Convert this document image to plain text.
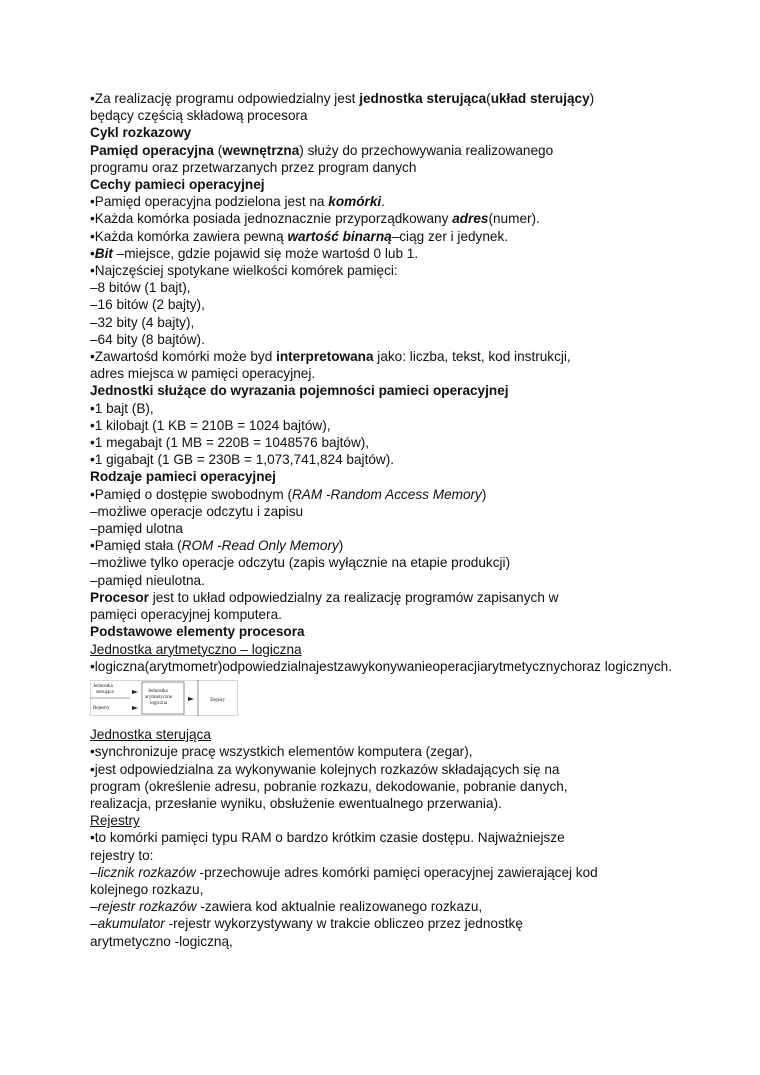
•Za realizację programu odpowiedzialny jest jednostka sterująca(układ sterujący)
będący częścią składową procesora
Cykl rozkazowy
Pamięd operacyjna (wewnętrzna) służy do przechowywania realizowanego
programu oraz przetwarzanych przez program danych
Cechy pamieci operacyjnej
•Pamięd operacyjna podzielona jest na komórki.
•Każda komórka posiada jednoznacznie przyporządkowany adres(numer).
•Każda komórka zawiera pewną wartość binarną–ciąg zer i jedynek.
•Bit –miejsce, gdzie pojawid się może wartośd 0 lub 1.
•Najczęściej spotykane wielkości komórek pamięci:
–8 bitów (1 bajt),
–16 bitów (2 bajty),
–32 bity (4 bajty),
–64 bity (8 bajtów).
•Zawartośd komórki może byd interpretowana jako: liczba, tekst, kod instrukcji,
adres miejsca w pamięci operacyjnej.
Jednostki służące do wyrazania pojemności pamieci operacyjnej
•1 bajt (B),
•1 kilobajt (1 KB = 210B = 1024 bajtów),
•1 megabajt (1 MB = 220B = 1048576 bajtów),
•1 gigabajt (1 GB = 230B = 1,073,741,824 bajtów).
Rodzaje pamieci operacyjnej
•Pamięd o dostępie swobodnym (RAM -Random Access Memory)
–możliwe operacje odczytu i zapisu
–pamięd ulotna
•Pamięd stała (ROM -Read Only Memory)
–możliwe tylko operacje odczytu (zapis wyłącznie na etapie produkcji)
–pamięd nieulotna.
Procesor jest to układ odpowiedzialny za realizację programów zapisanych w
pamięci operacyjnej komputera.
Podstawowe elementy procesora
Jednostka arytmetyczno – logiczna
•logiczna(arytmometr)odpowiedzialnajestzawykonywanieoperacjiarytmetycznychoraz logicznych.
Jednostka
sterująca
Rejestry
Jednostka
arytmetyczno
logiczna
Zegisty
Jednostka sterująca
•synchronizuje pracę wszystkich elementów komputera (zegar),
•jest odpowiedzialna za wykonywanie kolejnych rozkazów składających się na
program (określenie adresu, pobranie rozkazu, dekodowanie, pobranie danych,
realizacja, przesłanie wyniku, obsłużenie ewentualnego przerwania).
Rejestry
•to komórki pamięci typu RAM o bardzo krótkim czasie dostępu. Najważniejsze
rejestry to:
–licznik rozkazów -przechowuje adres komórki pamięci operacyjnej zawierającej kod
kolejnego rozkazu,
–rejestr rozkazów -zawiera kod aktualnie realizowanego rozkazu,
–akumulator -rejestr wykorzystywany w trakcie obliczeo przez jednostkę
arytmetyczno -logiczną,
